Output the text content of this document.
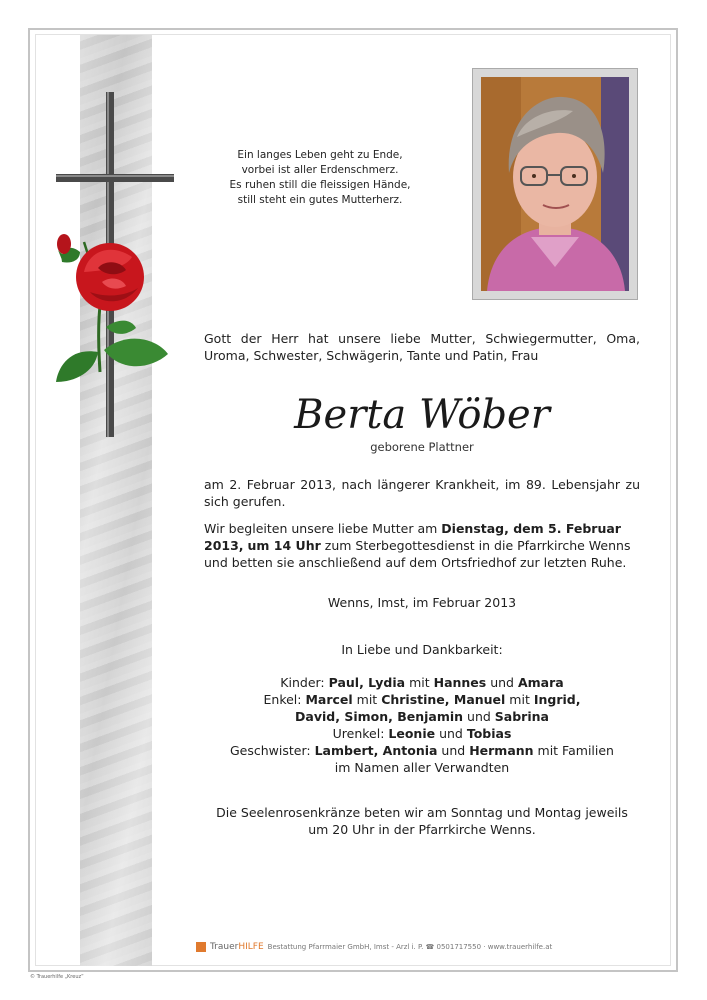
Ein langes Leben geht zu Ende,
vorbei ist aller Erdenschmerz.
Es ruhen still die fleissigen Hände,
still steht ein gutes Mutterherz.
Gott der Herr hat unsere liebe Mutter, Schwiegermutter, Oma, Uroma, Schwester, Schwägerin, Tante und Patin, Frau
Berta Wöber
geborene Plattner
am 2. Februar 2013, nach längerer Krankheit, im 89. Lebensjahr zu sich gerufen.
Wir begleiten unsere liebe Mutter am Dienstag, dem 5. Februar 2013, um 14 Uhr zum Sterbegottesdienst in die Pfarrkirche Wenns und betten sie anschließend auf dem Ortsfriedhof zur letzten Ruhe.
Wenns, Imst, im Februar 2013
In Liebe und Dankbarkeit:
Kinder: Paul, Lydia mit Hannes und Amara
Enkel: Marcel mit Christine, Manuel mit Ingrid,
David, Simon, Benjamin und Sabrina
Urenkel: Leonie und Tobias
Geschwister: Lambert, Antonia und Hermann mit Familien
im Namen aller Verwandten
Die Seelenrosenkränze beten wir am Sonntag und Montag jeweils
um 20 Uhr in der Pfarrkirche Wenns.
TrauerHILFE Bestattung Pfarrmaier GmbH, Imst - Arzl i. P. ☎ 0501717550 · www.trauerhilfe.at
© Trauerhilfe „Kreuz“
